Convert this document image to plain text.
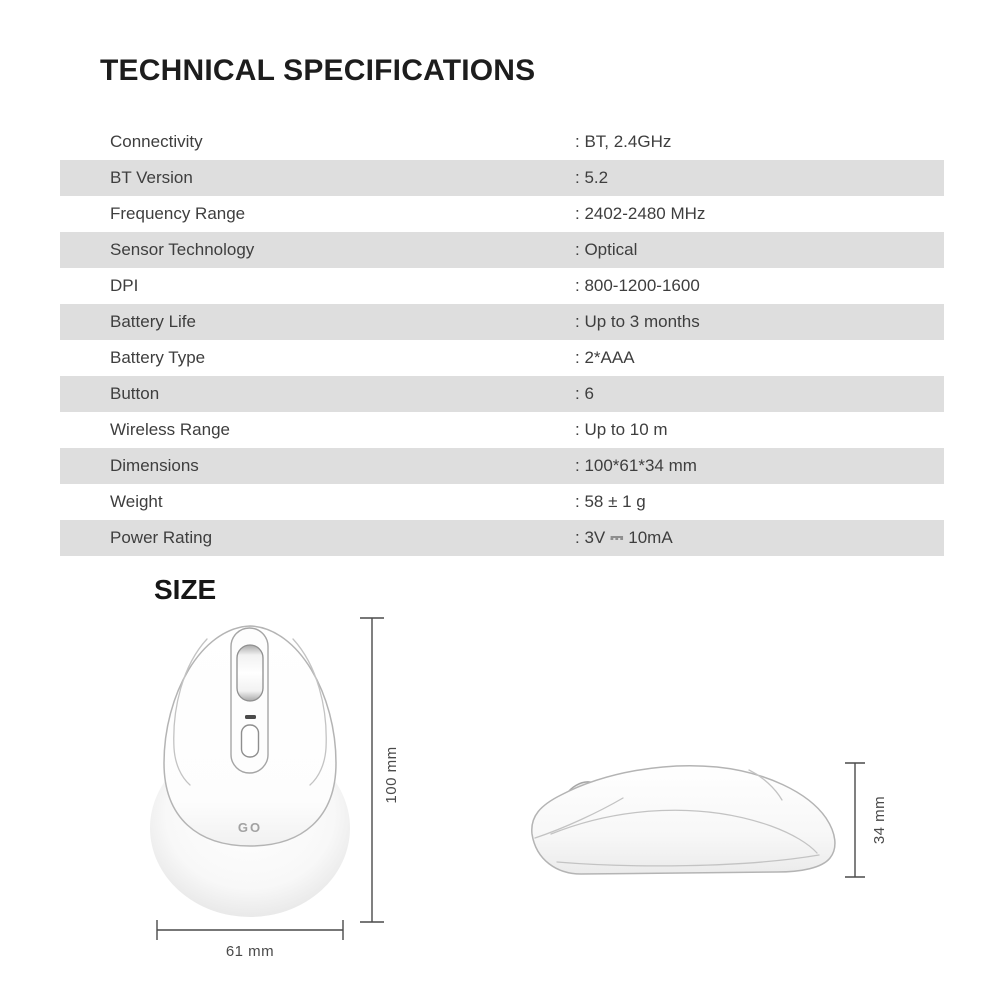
TECHNICAL SPECIFICATIONS
Connectivity	: BT, 2.4GHz
BT Version	: 5.2
Frequency Range	: 2402-2480 MHz
Sensor Technology	: Optical
DPI	: 800-1200-1600
Battery Life	: Up to 3 months
Battery Type	: 2*AAA
Button	: 6
Wireless Range	: Up to 10 m
Dimensions	: 100*61*34 mm
Weight	: 58 ± 1 g
Power Rating	: 3V ⎓ 10mA
SIZE
GO
100 mm
61 mm
34 mm
